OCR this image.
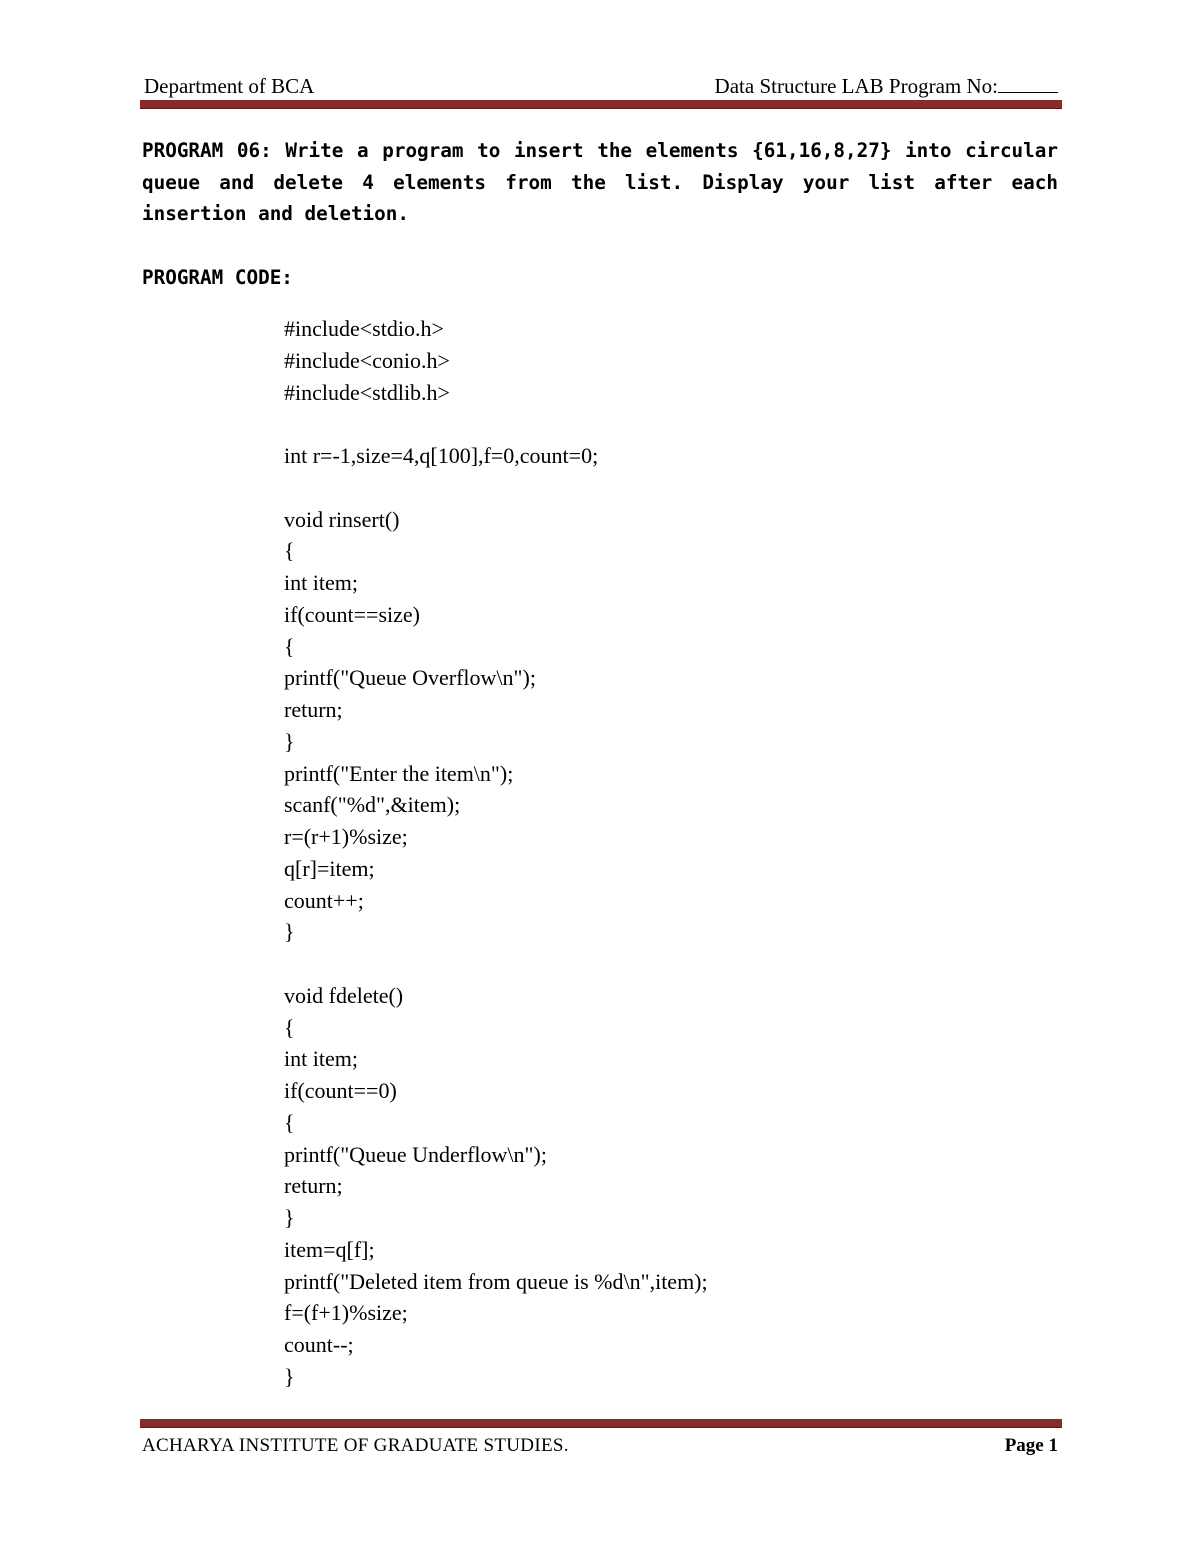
Department of BCA	Data Structure LAB Program No:
PROGRAM 06: Write a program to insert the elements {61,16,8,27} into circular queue and delete 4 elements from the list. Display your list after each insertion and deletion.
PROGRAM CODE:
#include<stdio.h>
#include<conio.h>
#include<stdlib.h>
int r=-1,size=4,q[100],f=0,count=0;
void rinsert()
{
int item;
if(count==size)
{
printf("Queue Overflow\n");
return;
}
printf("Enter the item\n");
scanf("%d",&item);
r=(r+1)%size;
q[r]=item;
count++;
}
void fdelete()
{
int item;
if(count==0)
{
printf("Queue Underflow\n");
return;
}
item=q[f];
printf("Deleted item from queue is %d\n",item);
f=(f+1)%size;
count--;
}
ACHARYA INSTITUTE OF GRADUATE STUDIES.	Page 1
